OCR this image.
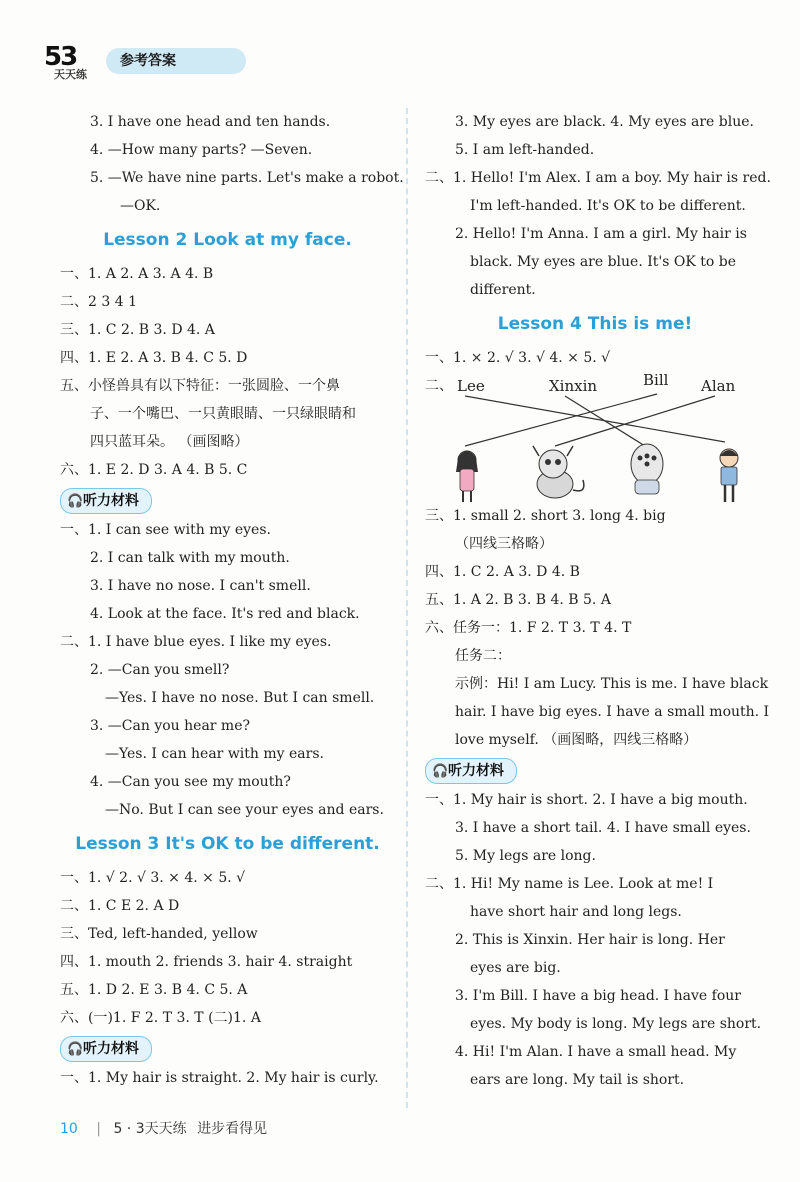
53
天天练
参考答案
3. I have one head and ten hands.
4. —How many parts? —Seven.
5. —We have nine parts. Let's make a robot.
—OK.
Lesson 2 Look at my face.
一、1. A 2. A 3. A 4. B
二、2 3 4 1
三、1. C 2. B 3. D 4. A
四、1. E 2. A 3. B 4. C 5. D
五、小怪兽具有以下特征：一张圆脸、一个鼻
子、一个嘴巴、一只黄眼睛、一只绿眼睛和
四只蓝耳朵。 （画图略）
六、1. E 2. D 3. A 4. B 5. C
🎧听力材料
一、1. I can see with my eyes.
2. I can talk with my mouth.
3. I have no nose. I can't smell.
4. Look at the face. It's red and black.
二、1. I have blue eyes. I like my eyes.
2. —Can you smell?
—Yes. I have no nose. But I can smell.
3. —Can you hear me?
—Yes. I can hear with my ears.
4. —Can you see my mouth?
—No. But I can see your eyes and ears.
Lesson 3 It's OK to be different.
一、1. √ 2. √ 3. × 4. × 5. √
二、1. C E 2. A D
三、Ted, left-handed, yellow
四、1. mouth 2. friends 3. hair 4. straight
五、1. D 2. E 3. B 4. C 5. A
六、(一)1. F 2. T 3. T (二)1. A
🎧听力材料
一、1. My hair is straight. 2. My hair is curly.
3. My eyes are black. 4. My eyes are blue.
5. I am left-handed.
二、1. Hello! I'm Alex. I am a boy. My hair is red.
I'm left-handed. It's OK to be different.
2. Hello! I'm Anna. I am a girl. My hair is
black. My eyes are blue. It's OK to be
different.
Lesson 4 This is me!
一、1. × 2. √ 3. √ 4. × 5. √
二、 Lee	Xinxin	Bill Alan
三、1. small 2. short 3. long 4. big
（四线三格略）
四、1. C 2. A 3. D 4. B
五、1. A 2. B 3. B 4. B 5. A
六、任务一：1. F 2. T 3. T 4. T
任务二：
示例：Hi! I am Lucy. This is me. I have black
hair. I have big eyes. I have a small mouth. I
love myself. （画图略，四线三格略）
🎧听力材料
一、1. My hair is short. 2. I have a big mouth.
3. I have a short tail. 4. I have small eyes.
5. My legs are long.
二、1. Hi! My name is Lee. Look at me! I
have short hair and long legs.
2. This is Xinxin. Her hair is long. Her
eyes are big.
3. I'm Bill. I have a big head. I have four
eyes. My body is long. My legs are short.
4. Hi! I'm Alan. I have a small head. My
ears are long. My tail is short.
10 | 5 · 3天天练 进步看得见
